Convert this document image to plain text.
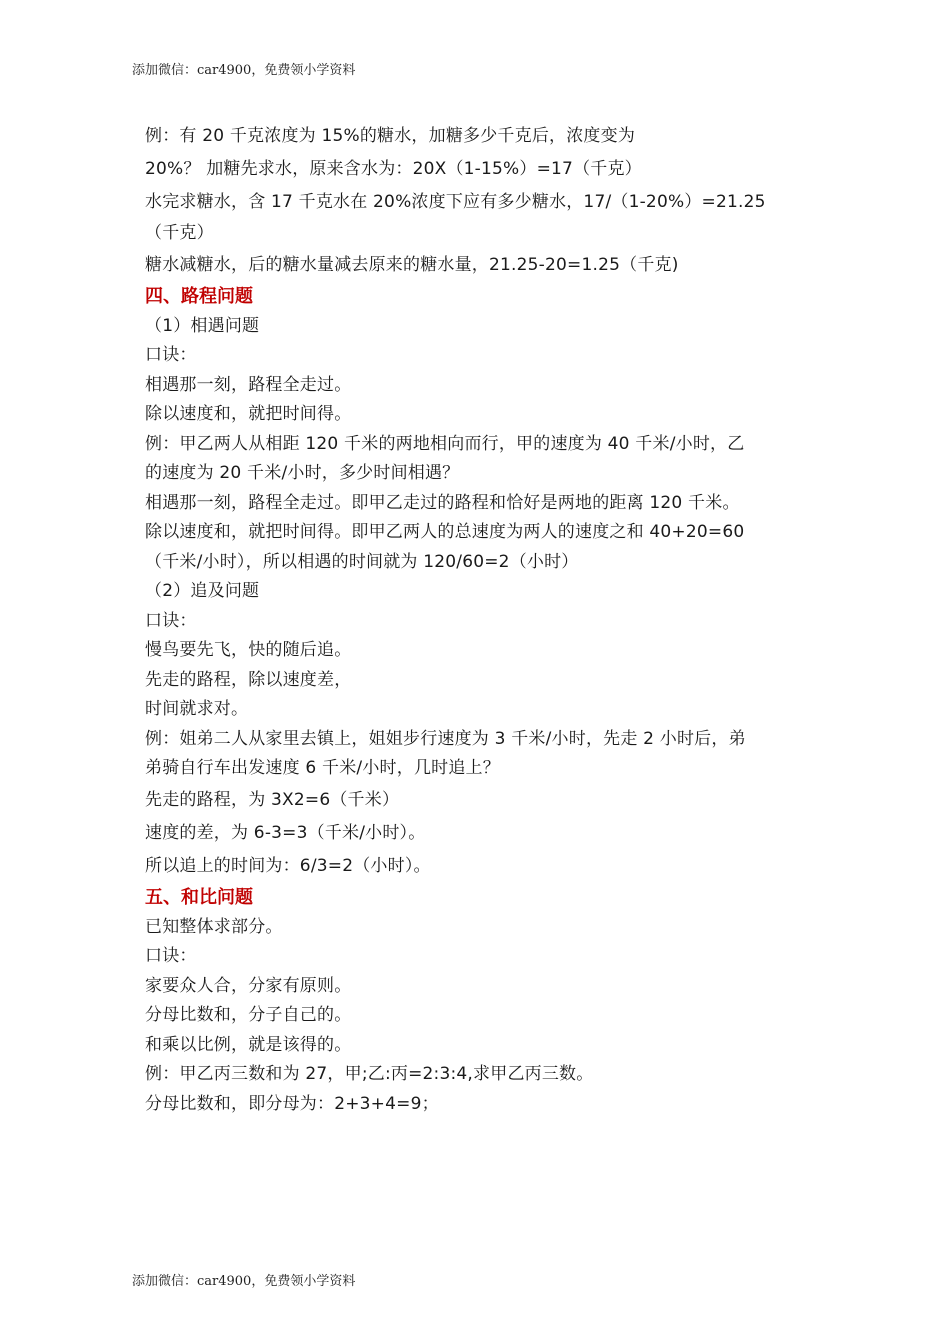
添加微信：car4900，免费领小学资料
例：有 20 千克浓度为 15%的糖水，加糖多少千克后，浓度变为
20%？ 加糖先求水，原来含水为：20X（1-15%）=17（千克）
水完求糖水，含 17 千克水在 20%浓度下应有多少糖水，17/（1-20%）=21.25
（千克）
糖水减糖水，后的糖水量减去原来的糖水量，21.25-20=1.25（千克)
四、路程问题
（1）相遇问题
口诀：
相遇那一刻，路程全走过。
除以速度和，就把时间得。
例：甲乙两人从相距 120 千米的两地相向而行，甲的速度为 40 千米/小时，乙
的速度为 20 千米/小时，多少时间相遇？
相遇那一刻，路程全走过。即甲乙走过的路程和恰好是两地的距离 120 千米。
除以速度和，就把时间得。即甲乙两人的总速度为两人的速度之和 40+20=60
（千米/小时），所以相遇的时间就为 120/60=2（小时）
（2）追及问题
口诀：
慢鸟要先飞，快的随后追。
先走的路程，除以速度差，
时间就求对。
例：姐弟二人从家里去镇上，姐姐步行速度为 3 千米/小时，先走 2 小时后，弟
弟骑自行车出发速度 6 千米/小时，几时追上？
先走的路程，为 3X2=6（千米）
速度的差，为 6-3=3（千米/小时）。
所以追上的时间为：6/3=2（小时）。
五、和比问题
已知整体求部分。
口诀：
家要众人合，分家有原则。
分母比数和，分子自己的。
和乘以比例，就是该得的。
例：甲乙丙三数和为 27，甲;乙:丙=2:3:4,求甲乙丙三数。
分母比数和，即分母为：2+3+4=9；
添加微信：car4900，免费领小学资料
